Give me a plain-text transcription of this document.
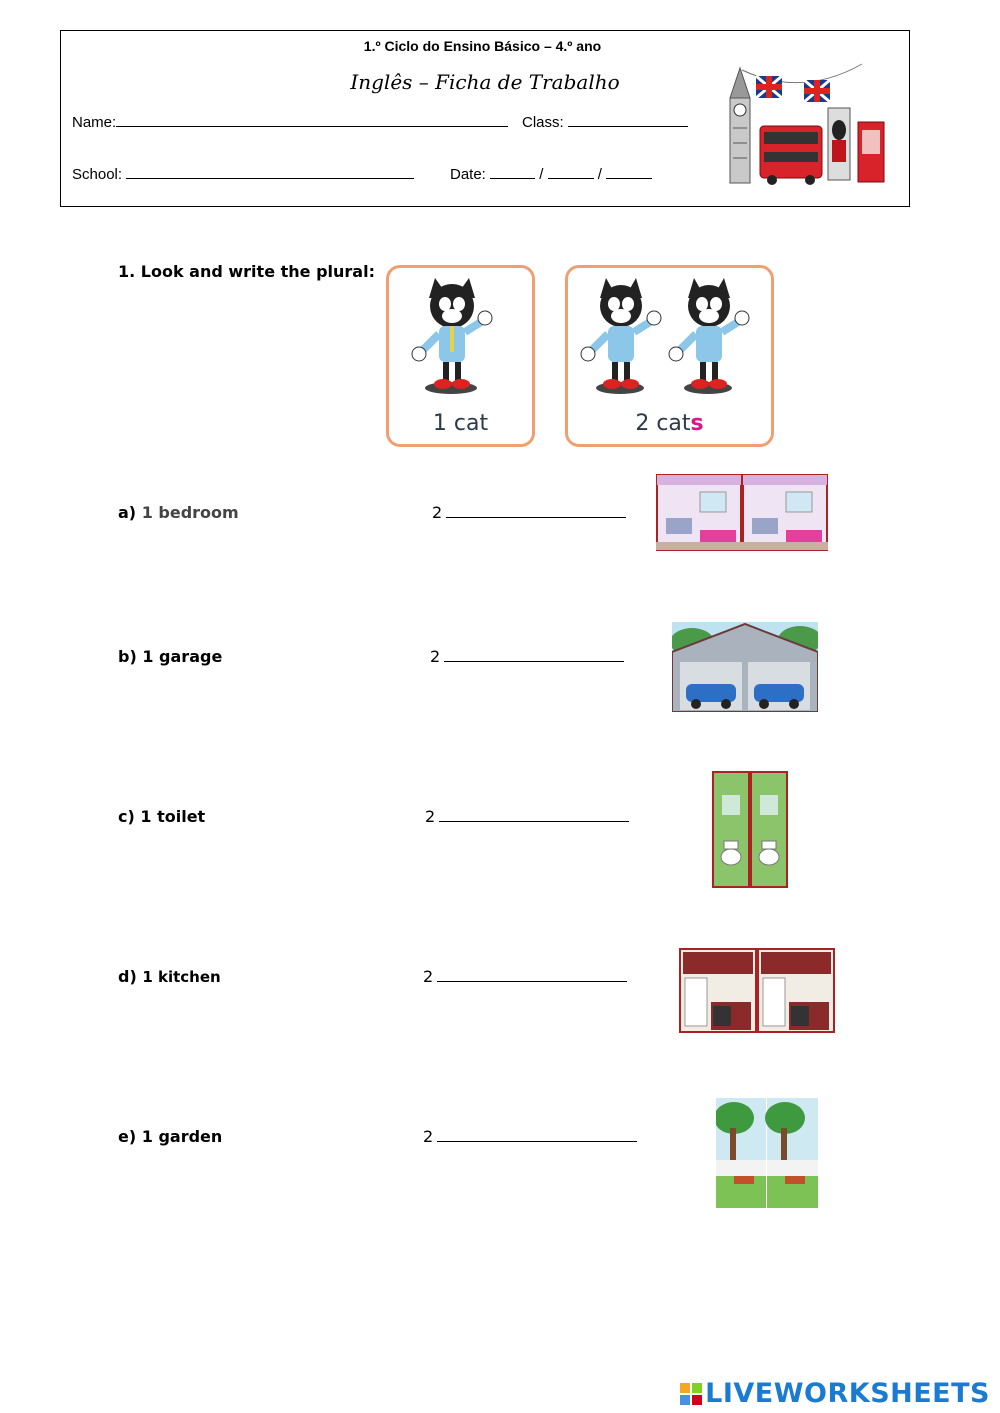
1.º Ciclo do Ensino Básico – 4.º ano
Inglês – Ficha de Trabalho
Name:	Class:
School:	Date:	/	/
1. Look and write the plural:
1 cat	2 cats
a) 1 bedroom	2
b) 1 garage	2
c) 1 toilet	2
d) 1 kitchen	2
e) 1 garden	2
LIVEWORKSHEETS
